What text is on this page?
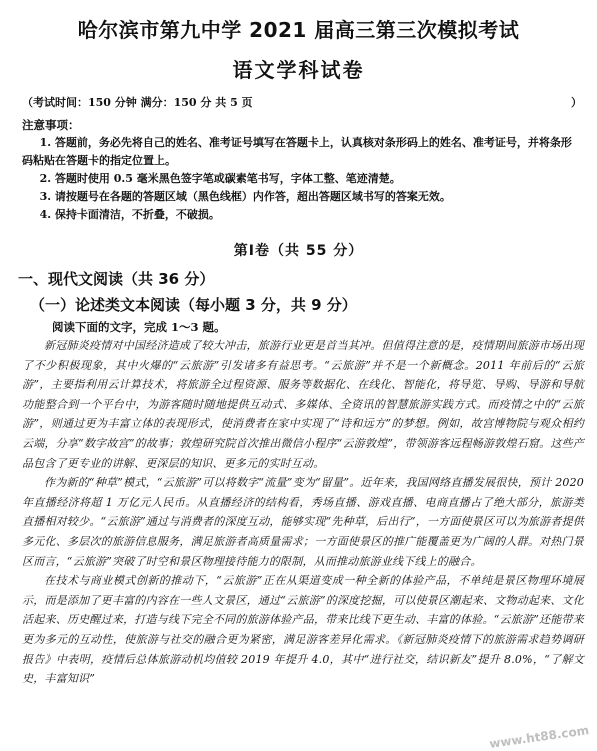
哈尔滨市第九中学 2021 届高三第三次模拟考试
语文学科试卷
（考试时间：150 分钟 满分：150 分 共 5 页	）
注意事项：
1. 答题前，务必先将自己的姓名、准考证号填写在答题卡上，认真核对条形码上的姓名、准考证号，并将条形码粘贴在答题卡的指定位置上。
2. 答题时使用 0.5 毫米黑色签字笔或碳素笔书写，字体工整、笔迹清楚。
3. 请按题号在各题的答题区域（黑色线框）内作答，超出答题区域书写的答案无效。
4. 保持卡面清洁，不折叠，不破损。
第Ⅰ卷（共 55 分）
一、现代文阅读（共 36 分）
（一）论述类文本阅读（每小题 3 分，共 9 分）
阅读下面的文字，完成 1～3 题。

新冠肺炎疫情对中国经济造成了较大冲击，旅游行业更是首当其冲。但值得注意的是，疫情期间旅游市场出现了不少积极现象，其中火爆的“云旅游”引发诸多有益思考。“云旅游”并不是一个新概念。2011 年前后的“云旅游”，主要指利用云计算技术，将旅游全过程资源、服务等数据化、在线化、智能化，将导览、导购、导游和导航功能整合到一个平台中，为游客随时随地提供互动式、多媒体、全资讯的智慧旅游实践方式。而疫情之中的“云旅游”，则通过更为丰富立体的表现形式，使消费者在家中实现了“诗和远方”的梦想。例如，故宫博物院与观众相约云端，分享“数字故宫”的故事；敦煌研究院首次推出微信小程序“云游敦煌”，带领游客远程畅游敦煌石窟。这些产品包含了更专业的讲解、更深层的知识、更多元的实时互动。

作为新的“种草”模式，“云旅游”可以将数字“流量”变为“留量”。近年来，我国网络直播发展很快，预计 2020 年直播经济将超 1 万亿元人民币。从直播经济的结构看，秀场直播、游戏直播、电商直播占了绝大部分，旅游类直播相对较少。“云旅游”通过与消费者的深度互动，能够实现“先种草，后出行”，一方面使景区可以为旅游者提供多元化、多层次的旅游信息服务，满足旅游者高质量需求；一方面使景区的推广能覆盖更为广阔的人群。对热门景区而言，“云旅游”突破了时空和景区物理接待能力的限制，从而推动旅游业线下线上的融合。

在技术与商业模式创新的推动下，“云旅游”正在从渠道变成一种全新的体验产品，不单纯是景区物理环境展示，而是添加了更丰富的内容在一些人文景区，通过“云旅游”的深度挖掘，可以使景区潮起来、文物动起来、文化活起来、历史醒过来，打造与线下完全不同的旅游体验产品，带来比线下更生动、丰富的体验。“云旅游”还能带来更为多元的互动性，使旅游与社交的融合更为紧密，满足游客差异化需求。《新冠肺炎疫情下的旅游需求趋势调研报告》中表明，疫情后总体旅游动机均值较 2019 年提升 4.0，其中“进行社交，结识新友”提升 8.0%，“了解文史，丰富知识”

www.ht88.com
